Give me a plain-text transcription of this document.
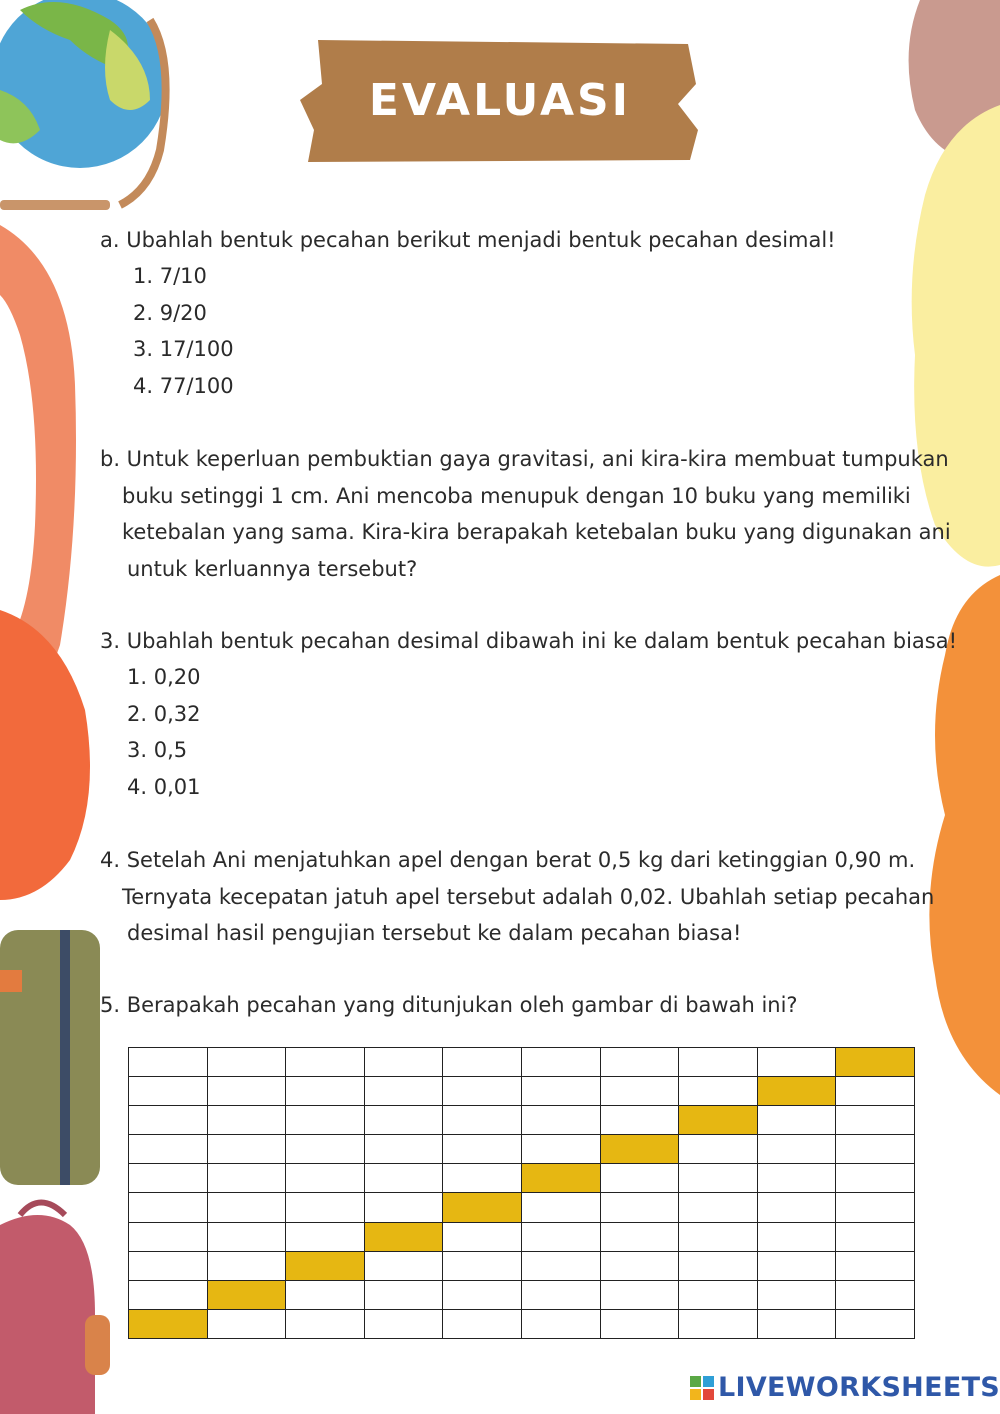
EVALUASI
a. Ubahlah bentuk pecahan berikut menjadi bentuk pecahan desimal!
1. 7/10
2. 9/20
3. 17/100
4. 77/100
b. Untuk keperluan pembuktian gaya gravitasi, ani kira-kira membuat tumpukan
buku setinggi 1 cm. Ani mencoba menupuk dengan 10 buku yang memiliki
ketebalan yang sama. Kira-kira berapakah ketebalan buku yang digunakan ani
untuk kerluannya tersebut?
3. Ubahlah bentuk pecahan desimal dibawah ini ke dalam bentuk pecahan biasa!
1. 0,20
2. 0,32
3. 0,5
4. 0,01
4. Setelah Ani menjatuhkan apel dengan berat 0,5 kg dari ketinggian 0,90 m.
Ternyata kecepatan jatuh apel tersebut adalah 0,02. Ubahlah setiap pecahan
desimal hasil pengujian tersebut ke dalam pecahan biasa!
5. Berapakah pecahan yang ditunjukan oleh gambar di bawah ini?

LIVEWORKSHEETS
